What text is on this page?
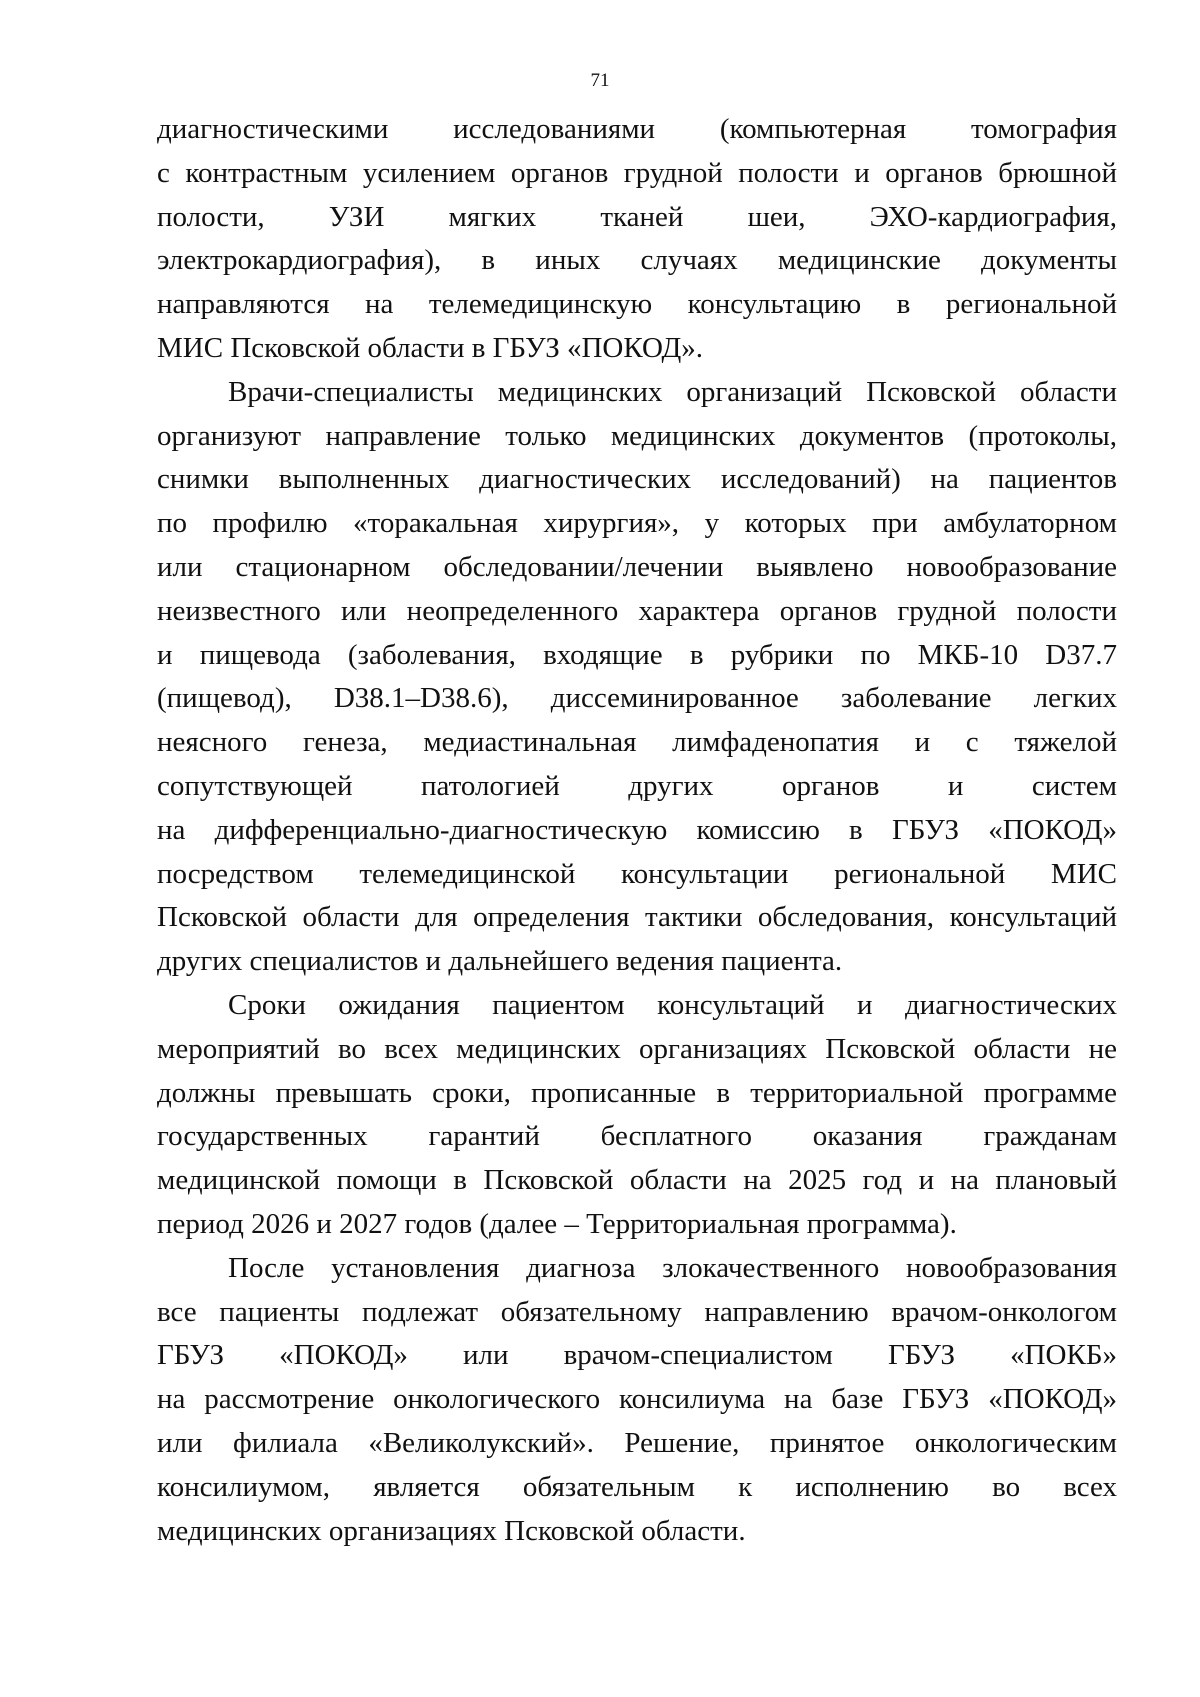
71
диагностическими исследованиями (компьютерная томография
с контрастным усилением органов грудной полости и органов брюшной
полости, УЗИ мягких тканей шеи, ЭХО-кардиография,
электрокардиография), в иных случаях медицинские документы
направляются на телемедицинскую консультацию в региональной
МИС Псковской области в ГБУЗ «ПОКОД».
Врачи-специалисты медицинских организаций Псковской области
организуют направление только медицинских документов (протоколы,
снимки выполненных диагностических исследований) на пациентов
по профилю «торакальная хирургия», у которых при амбулаторном
или стационарном обследовании/лечении выявлено новообразование
неизвестного или неопределенного характера органов грудной полости
и пищевода (заболевания, входящие в рубрики по МКБ-10 D37.7
(пищевод), D38.1–D38.6), диссеминированное заболевание легких
неясного генеза, медиастинальная лимфаденопатия и с тяжелой
сопутствующей патологией других органов и систем
на дифференциально-диагностическую комиссию в ГБУЗ «ПОКОД»
посредством телемедицинской консультации региональной МИС
Псковской области для определения тактики обследования, консультаций
других специалистов и дальнейшего ведения пациента.
Сроки ожидания пациентом консультаций и диагностических
мероприятий во всех медицинских организациях Псковской области не
должны превышать сроки, прописанные в территориальной программе
государственных гарантий бесплатного оказания гражданам
медицинской помощи в Псковской области на 2025 год и на плановый
период 2026 и 2027 годов (далее – Территориальная программа).
После установления диагноза злокачественного новообразования
все пациенты подлежат обязательному направлению врачом-онкологом
ГБУЗ «ПОКОД» или врачом-специалистом ГБУЗ «ПОКБ»
на рассмотрение онкологического консилиума на базе ГБУЗ «ПОКОД»
или филиала «Великолукский». Решение, принятое онкологическим
консилиумом, является обязательным к исполнению во всех
медицинских организациях Псковской области.
